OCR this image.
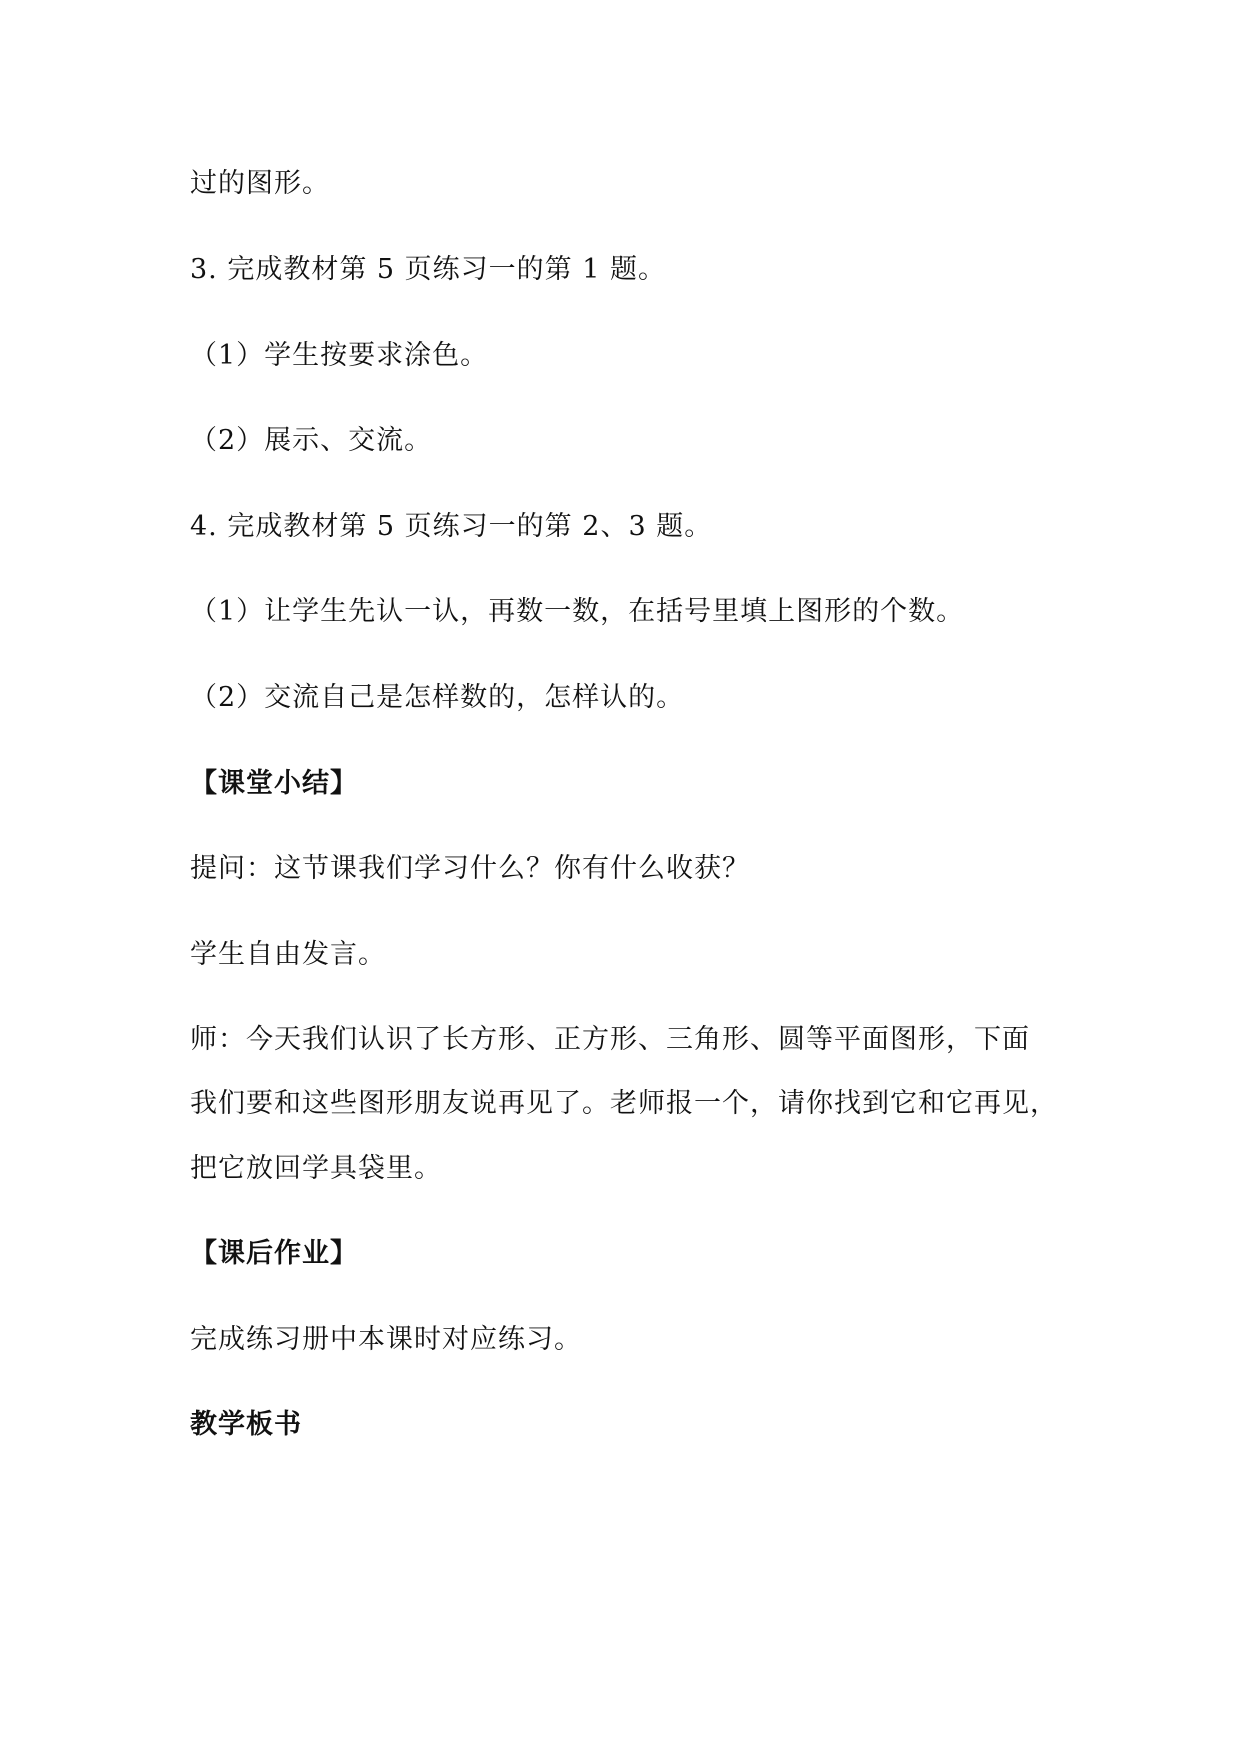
过的图形。
3. 完成教材第 5 页练习一的第 1 题。
（1）学生按要求涂色。
（2）展示、交流。
4. 完成教材第 5 页练习一的第 2、3 题。
（1）让学生先认一认，再数一数，在括号里填上图形的个数。
（2）交流自己是怎样数的，怎样认的。
【课堂小结】
提问：这节课我们学习什么？你有什么收获？
学生自由发言。
师：今天我们认识了长方形、正方形、三角形、圆等平面图形，下面
我们要和这些图形朋友说再见了。老师报一个，请你找到它和它再见，
把它放回学具袋里。
【课后作业】
完成练习册中本课时对应练习。
教学板书
